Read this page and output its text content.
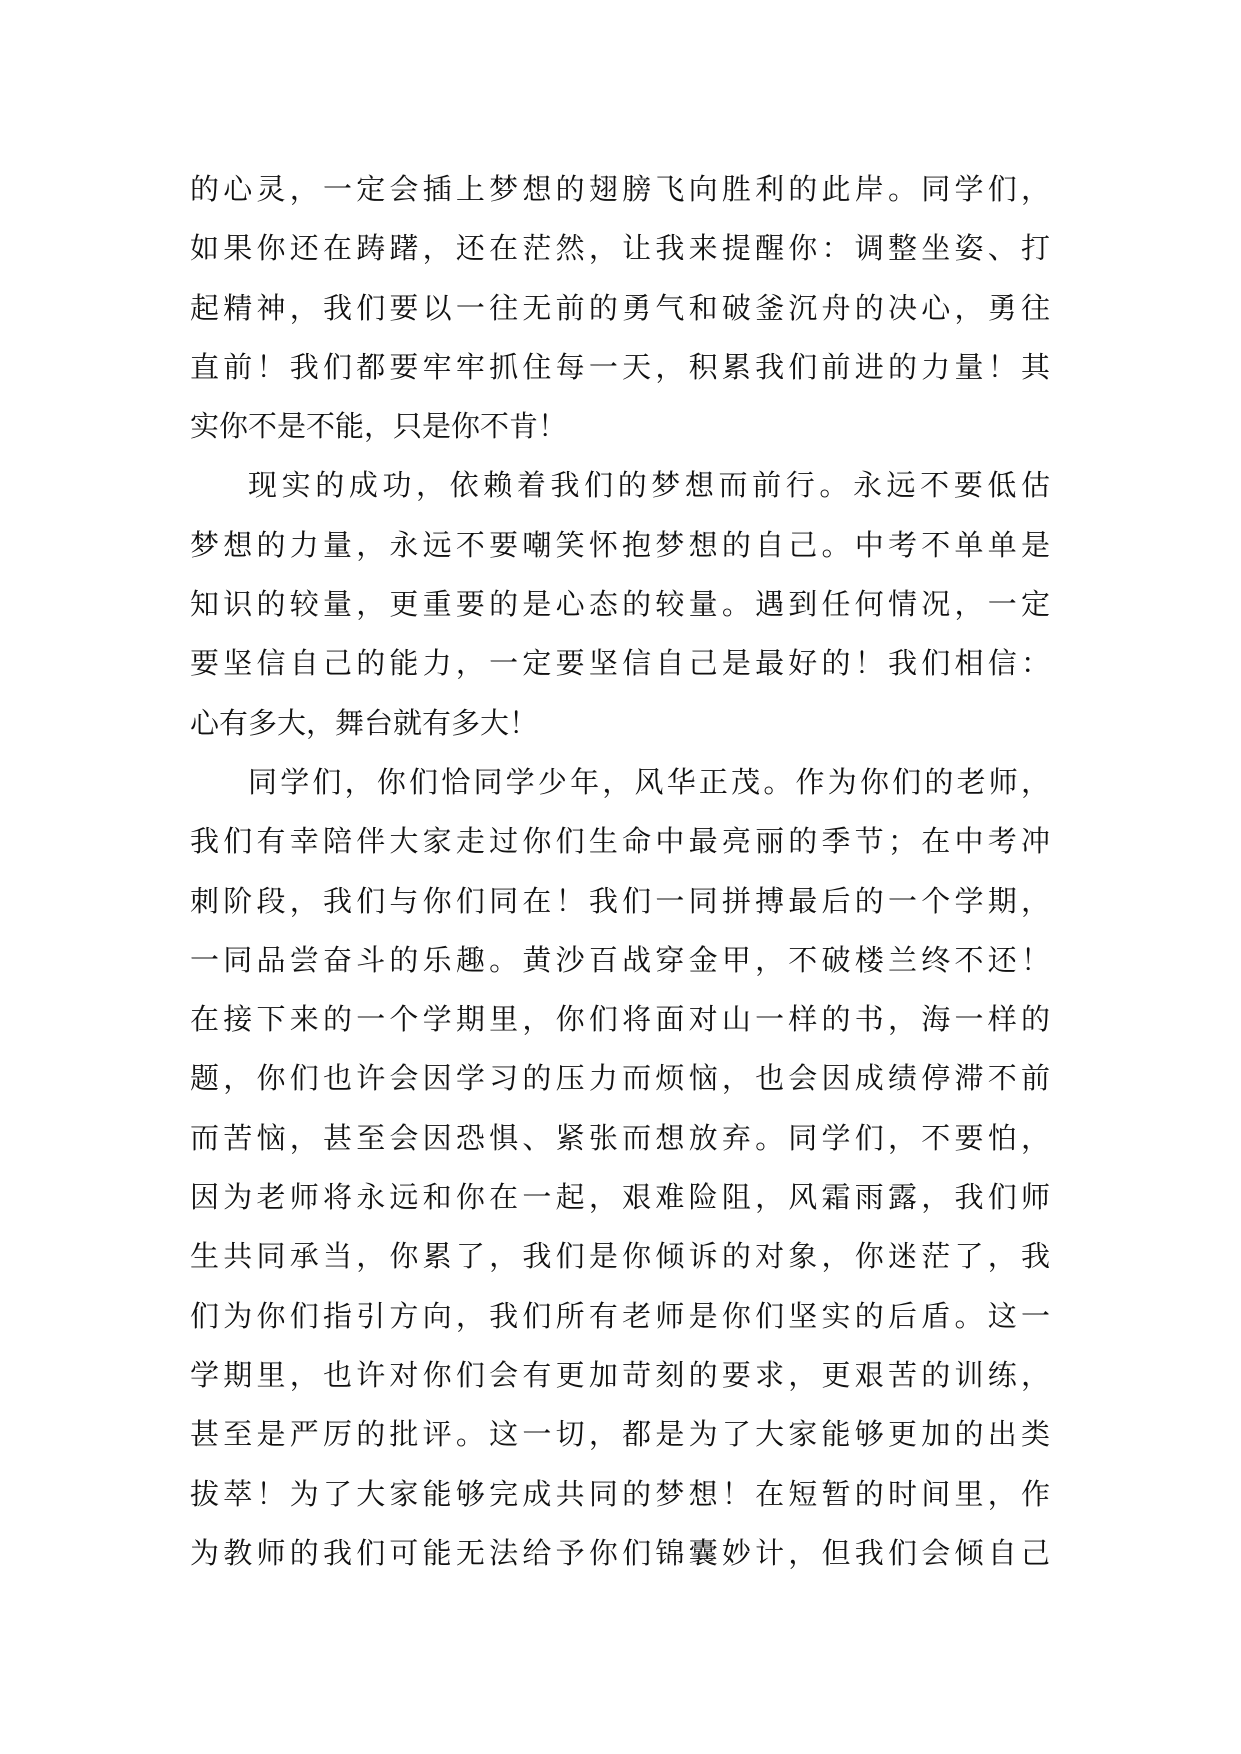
的心灵，一定会插上梦想的翅膀飞向胜利的此岸。同学们，
如果你还在踌躇，还在茫然，让我来提醒你：调整坐姿、打
起精神，我们要以一往无前的勇气和破釜沉舟的决心，勇往
直前！我们都要牢牢抓住每一天，积累我们前进的力量！其
实你不是不能，只是你不肯！
现实的成功，依赖着我们的梦想而前行。永远不要低估
梦想的力量，永远不要嘲笑怀抱梦想的自己。中考不单单是
知识的较量，更重要的是心态的较量。遇到任何情况，一定
要坚信自己的能力，一定要坚信自己是最好的！我们相信：
心有多大，舞台就有多大！
同学们，你们恰同学少年，风华正茂。作为你们的老师，
我们有幸陪伴大家走过你们生命中最亮丽的季节；在中考冲
刺阶段，我们与你们同在！我们一同拼搏最后的一个学期，
一同品尝奋斗的乐趣。黄沙百战穿金甲，不破楼兰终不还！
在接下来的一个学期里，你们将面对山一样的书，海一样的
题，你们也许会因学习的压力而烦恼，也会因成绩停滞不前
而苦恼，甚至会因恐惧、紧张而想放弃。同学们，不要怕，
因为老师将永远和你在一起，艰难险阻，风霜雨露，我们师
生共同承当，你累了，我们是你倾诉的对象，你迷茫了，我
们为你们指引方向，我们所有老师是你们坚实的后盾。这一
学期里，也许对你们会有更加苛刻的要求，更艰苦的训练，
甚至是严厉的批评。这一切，都是为了大家能够更加的出类
拔萃！为了大家能够完成共同的梦想！在短暂的时间里，作
为教师的我们可能无法给予你们锦囊妙计，但我们会倾自己
